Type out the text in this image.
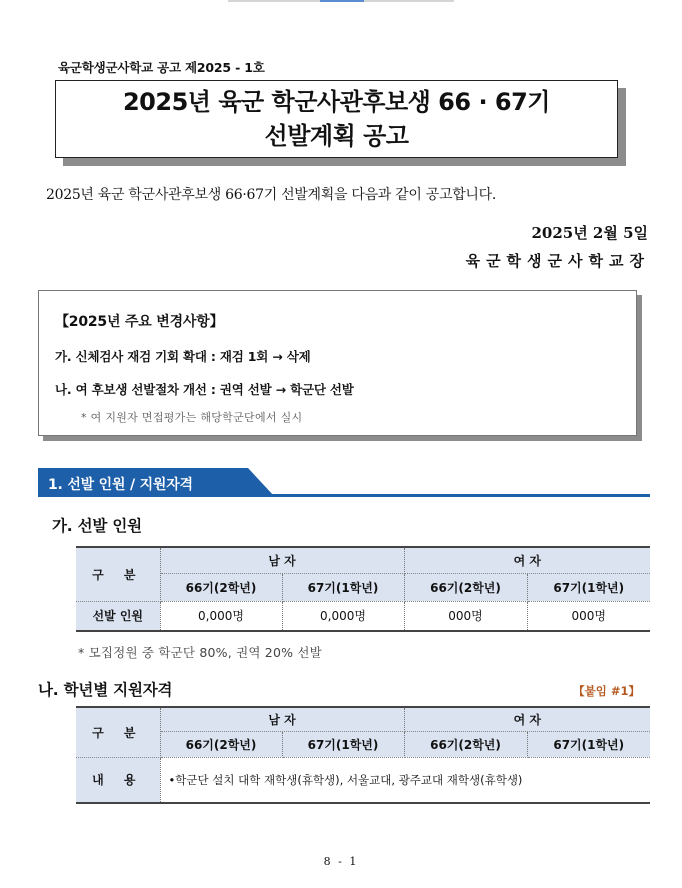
육군학생군사학교 공고 제2025 - 1호
2025년 육군 학군사관후보생 66 · 67기
선발계획 공고
2025년 육군 학군사관후보생 66·67기 선발계획을 다음과 같이 공고합니다.
2025년 2월 5일
육군학생군사학교장
【2025년 주요 변경사항】
가. 신체검사 재검 기회 확대 : 재검 1회 → 삭제
나. 여 후보생 선발절차 개선 : 권역 선발 → 학군단 선발
* 여 지원자 면접평가는 해당학군단에서 실시
1. 선발 인원 / 지원자격
가. 선발 인원
구 분	남 자		여 자	
	66기(2학년)	67기(1학년)	66기(2학년)	67기(1학년)
선발 인원	0,000명	0,000명	000명	000명
* 모집정원 중 학군단 80%, 권역 20% 선발
나. 학년별 지원자격	【붙임 #1】
구 분	남 자		여 자	
	66기(2학년)	67기(1학년)	66기(2학년)	67기(1학년)
내 용	•학군단 설치 대학 재학생(휴학생), 서울교대, 광주교대 재학생(휴학생)			
8 - 1
